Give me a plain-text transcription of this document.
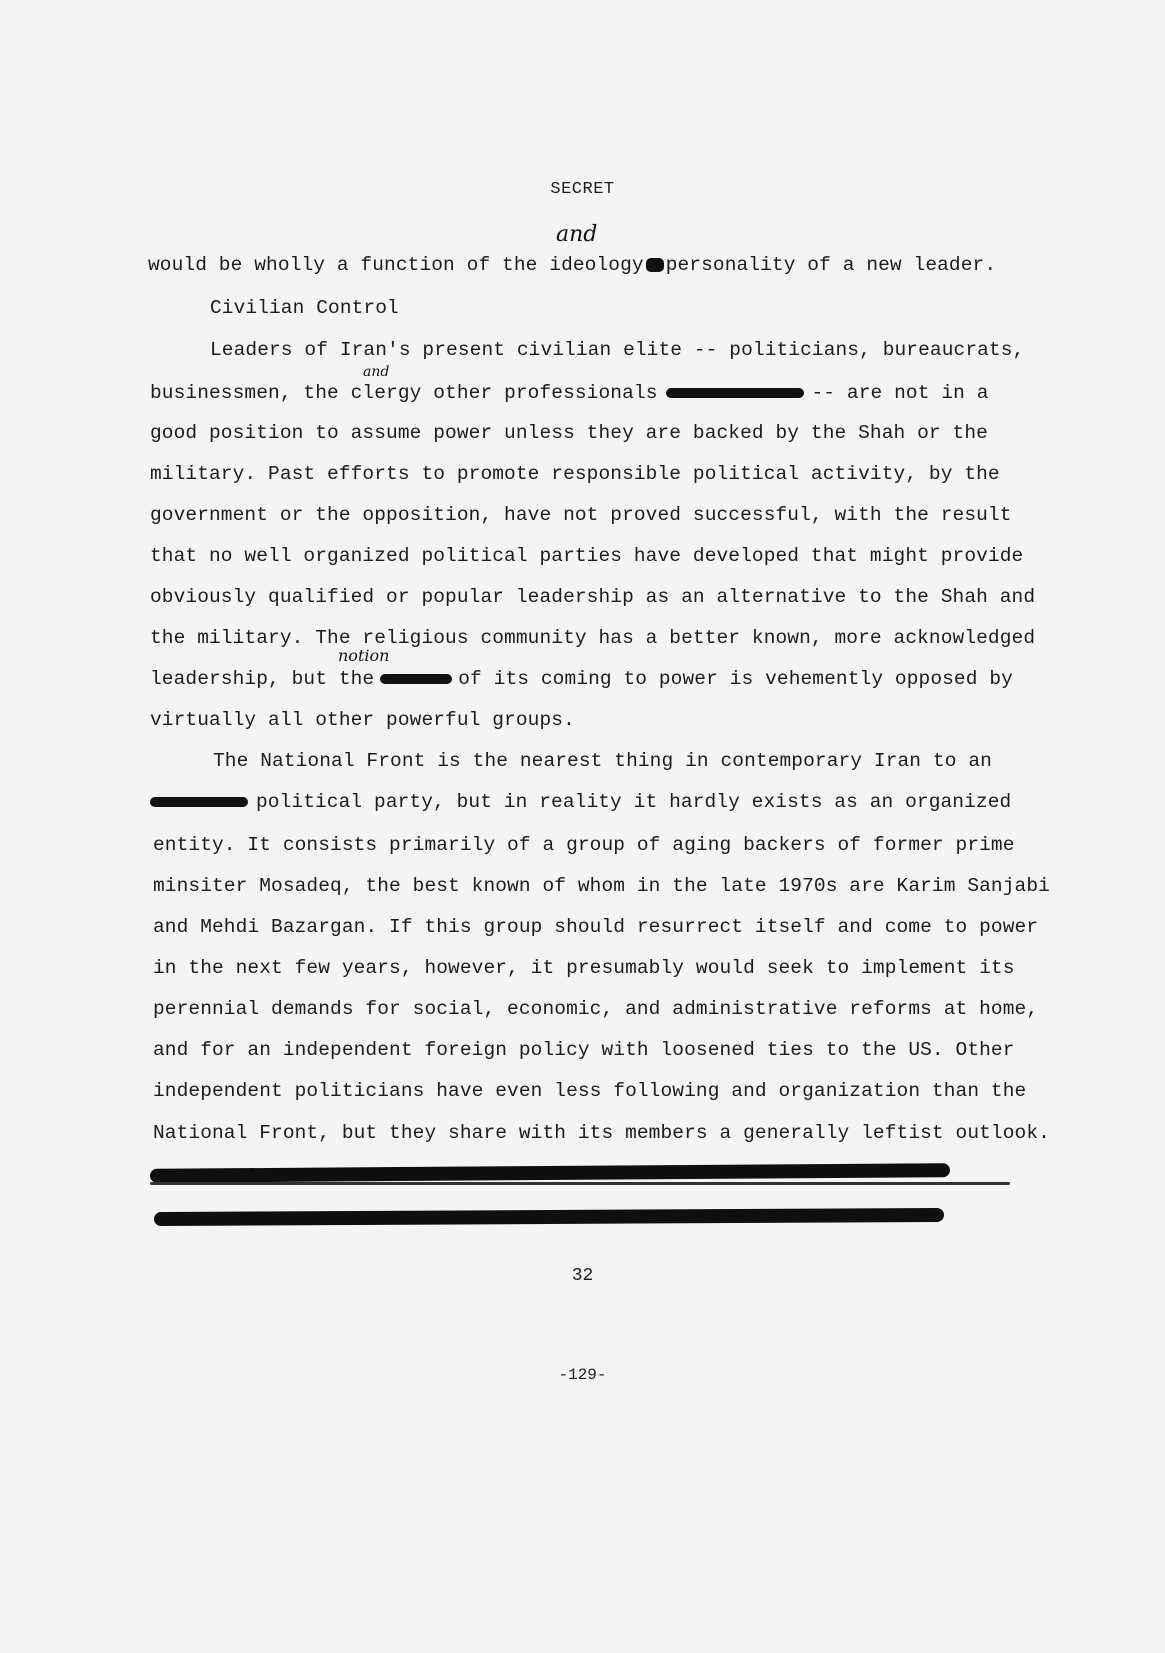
SECRET
and
would be wholly a function of the ideology personality of a new leader.
Civilian Control
Leaders of Iran's present civilian elite -- politicians, bureaucrats,
and
businessmen, the clergy other professionals	-- are not in a
good position to assume power unless they are backed by the Shah or the
military. Past efforts to promote responsible political activity, by the
government or the opposition, have not proved successful, with the result
that no well organized political parties have developed that might provide
obviously qualified or popular leadership as an alternative to the Shah and
the military. The religious community has a better known, more acknowledged
notion
leadership, but the	of its coming to power is vehemently opposed by
virtually all other powerful groups.
The National Front is the nearest thing in contemporary Iran to an
political party, but in reality it hardly exists as an organized
entity. It consists primarily of a group of aging backers of former prime
minsiter Mosadeq, the best known of whom in the late 1970s are Karim Sanjabi
and Mehdi Bazargan. If this group should resurrect itself and come to power
in the next few years, however, it presumably would seek to implement its
perennial demands for social, economic, and administrative reforms at home,
and for an independent foreign policy with loosened ties to the US. Other
independent politicians have even less following and organization than the
National Front, but they share with its members a generally leftist outlook.
32
-129-
